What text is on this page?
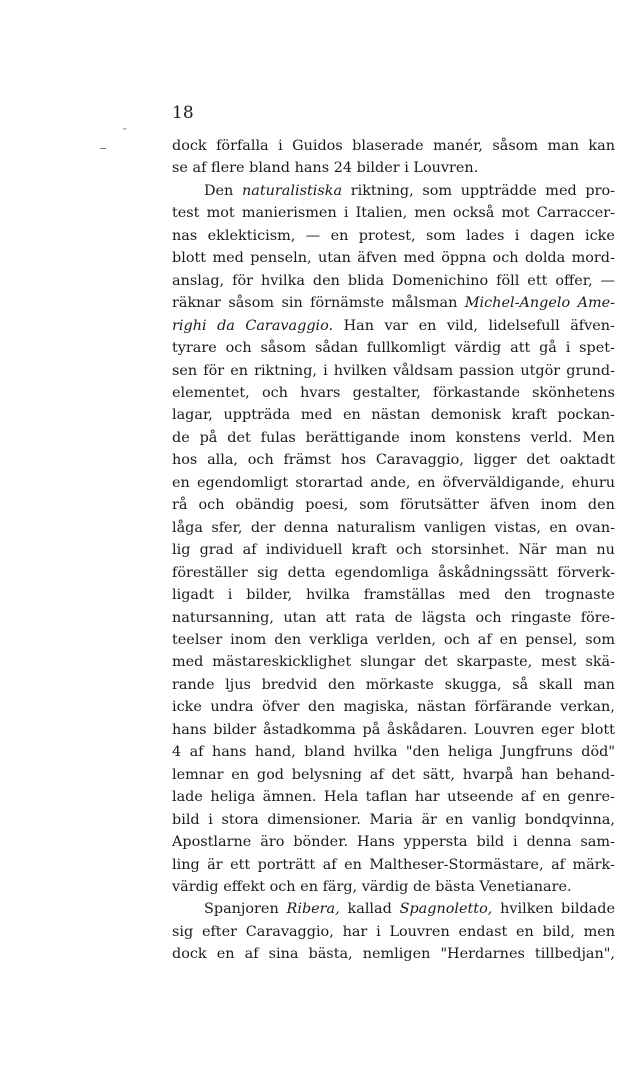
18

˘
dock förfalla i Guidos blaserade manér, såsom man kan
se af flere bland hans 24 bilder i Louvren.
Den naturalistiska riktning, som uppträdde med pro-
test mot manierismen i Italien, men också mot Carraccer-
nas eklekticism, — en protest, som lades i dagen icke
blott med penseln, utan äfven med öppna och dolda mord-
anslag, för hvilka den blida Domenichino föll ett offer, —
räknar såsom sin förnämste målsman Michel-Angelo Ame-
righi da Caravaggio. Han var en vild, lidelsefull äfven-
tyrare och såsom sådan fullkomligt värdig att gå i spet-
sen för en riktning, i hvilken våldsam passion utgör grund-
elementet, och hvars gestalter, förkastande skönhetens
lagar, uppträda med en nästan demonisk kraft pockan-
de på det fulas berättigande inom konstens verld. Men
hos alla, och främst hos Caravaggio, ligger det oaktadt
en egendomligt storartad ande, en öfverväldigande, ehuru
rå och obändig poesi, som förutsätter äfven inom den
låga sfer, der denna naturalism vanligen vistas, en ovan-
lig grad af individuell kraft och storsinhet. När man nu
föreställer sig detta egendomliga åskådningssätt förverk-
ligadt i bilder, hvilka framställas med den trognaste
natursanning, utan att rata de lägsta och ringaste före-
teelser inom den verkliga verlden, och af en pensel, som
med mästareskicklighet slungar det skarpaste, mest skä-
rande ljus bredvid den mörkaste skugga, så skall man
icke undra öfver den magiska, nästan förfärande verkan,
hans bilder åstadkomma på åskådaren. Louvren eger blott
4 af hans hand, bland hvilka "den heliga Jungfruns död"
lemnar en god belysning af det sätt, hvarpå han behand-
lade heliga ämnen. Hela taflan har utseende af en genre-
bild i stora dimensioner. Maria är en vanlig bondqvinna,
Apostlarne äro bönder. Hans yppersta bild i denna sam-
ling är ett porträtt af en Maltheser-Stormästare, af märk-
värdig effekt och en färg, värdig de bästa Venetianare.
Spanjoren Ribera, kallad Spagnoletto, hvilken bildade
sig efter Caravaggio, har i Louvren endast en bild, men
dock en af sina bästa, nemligen "Herdarnes tillbedjan",
